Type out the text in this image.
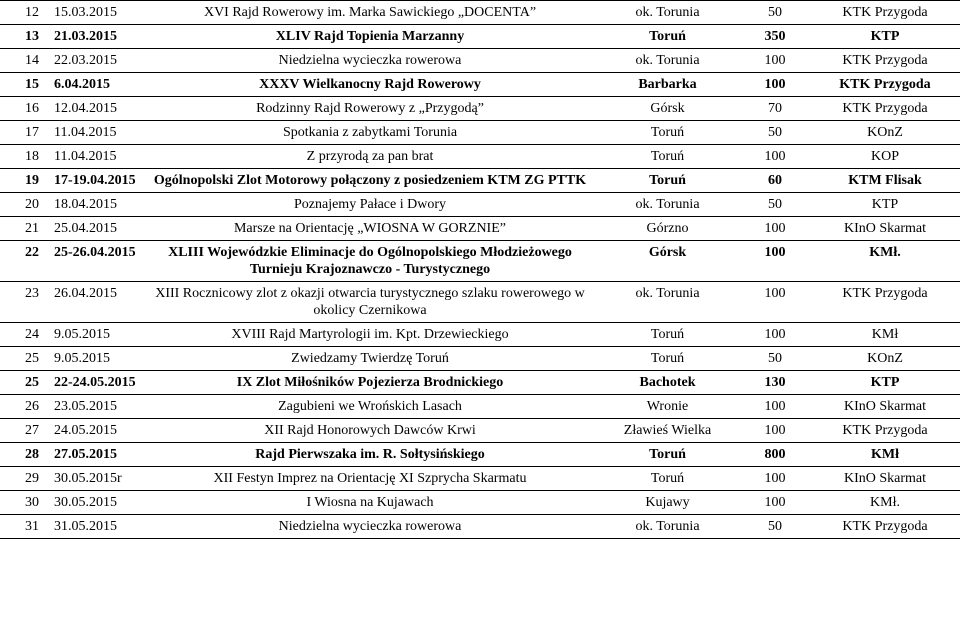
12	15.03.2015	XVI Rajd Rowerowy im. Marka Sawickiego „DOCENTA”	ok. Torunia	50	KTK Przygoda
13	21.03.2015	XLIV Rajd Topienia Marzanny	Toruń	350	KTP
14	22.03.2015	Niedzielna wycieczka rowerowa	ok. Torunia	100	KTK Przygoda
15	6.04.2015	XXXV Wielkanocny Rajd Rowerowy	Barbarka	100	KTK Przygoda
16	12.04.2015	Rodzinny Rajd Rowerowy z „Przygodą”	Górsk	70	KTK Przygoda
17	11.04.2015	Spotkania z zabytkami Torunia	Toruń	50	KOnZ
18	11.04.2015	Z przyrodą za pan brat	Toruń	100	KOP
19	17-19.04.2015	Ogólnopolski Zlot Motorowy połączony z posiedzeniem KTM ZG PTTK	Toruń	60	KTM Flisak
20	18.04.2015	Poznajemy Pałace i Dwory	ok. Torunia	50	KTP
21	25.04.2015	Marsze na Orientację „WIOSNA W GORZNIE”	Górzno	100	KInO Skarmat
22	25-26.04.2015	XLIII Wojewódzkie Eliminacje do Ogólnopolskiego Młodzieżowego Turnieju Krajoznawczo - Turystycznego	Górsk	100	KMł.
23	26.04.2015	XIII Rocznicowy zlot z okazji otwarcia turystycznego szlaku rowerowego w okolicy Czernikowa	ok. Torunia	100	KTK Przygoda
24	9.05.2015	XVIII Rajd Martyrologii im. Kpt. Drzewieckiego	Toruń	100	KMł
25	9.05.2015	Zwiedzamy Twierdzę Toruń	Toruń	50	KOnZ
25	22-24.05.2015	IX Zlot Miłośników Pojezierza Brodnickiego	Bachotek	130	KTP
26	23.05.2015	Zagubieni we Wrońskich Lasach	Wronie	100	KInO Skarmat
27	24.05.2015	XII Rajd Honorowych Dawców Krwi	Zławieś Wielka	100	KTK Przygoda
28	27.05.2015	Rajd Pierwszaka im. R. Sołtysińskiego	Toruń	800	KMł
29	30.05.2015r	XII Festyn Imprez na Orientację XI Szprycha Skarmatu	Toruń	100	KInO Skarmat
30	30.05.2015	I Wiosna na Kujawach	Kujawy	100	KMł.
31	31.05.2015	Niedzielna wycieczka rowerowa	ok. Torunia	50	KTK Przygoda
